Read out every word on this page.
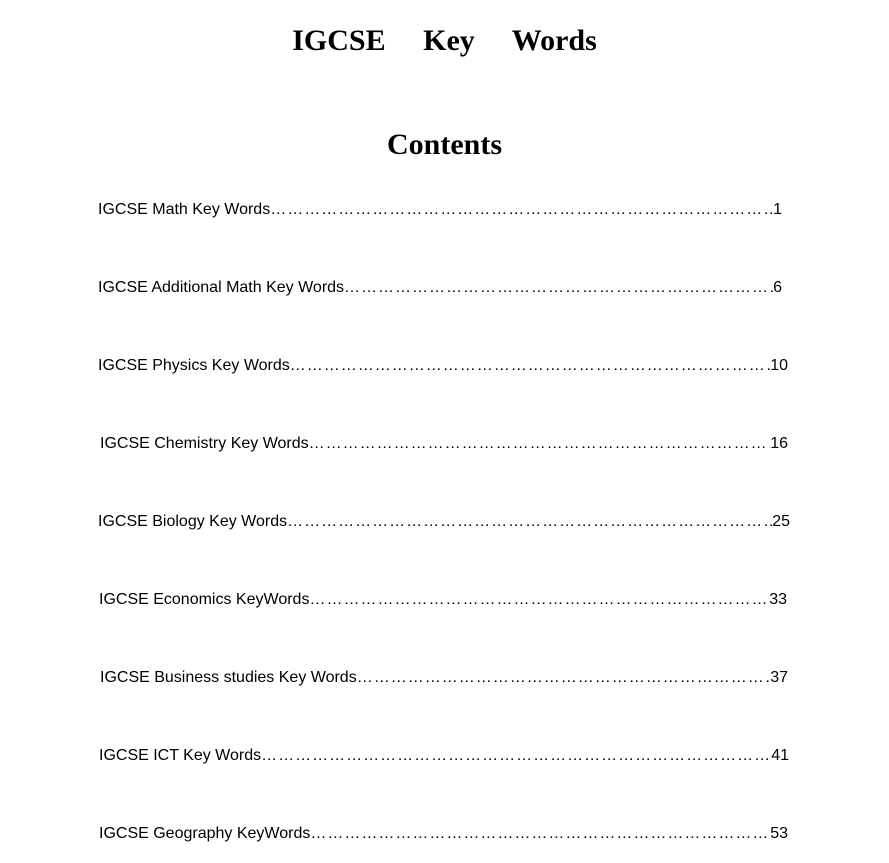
IGCSE     Key     Words
Contents
IGCSE Math Key Words ……………………………………………………………………………………………………………………………………	1
IGCSE Additional Math Key Words ……………………………………………………………………………………………………………………………………	6
IGCSE Physics Key Words ……………………………………………………………………………………………………………………………………	10
IGCSE Chemistry Key Words ……………………………………………………………………………………………………………………………………	16
IGCSE Biology Key Words ……………………………………………………………………………………………………………………………………	25
IGCSE Economics KeyWords ……………………………………………………………………………………………………………………………………	33
IGCSE Business studies Key Words ……………………………………………………………………………………………………………………………………	37
IGCSE ICT Key Words ……………………………………………………………………………………………………………………………………	41
IGCSE Geography KeyWords ……………………………………………………………………………………………………………………………………	53
